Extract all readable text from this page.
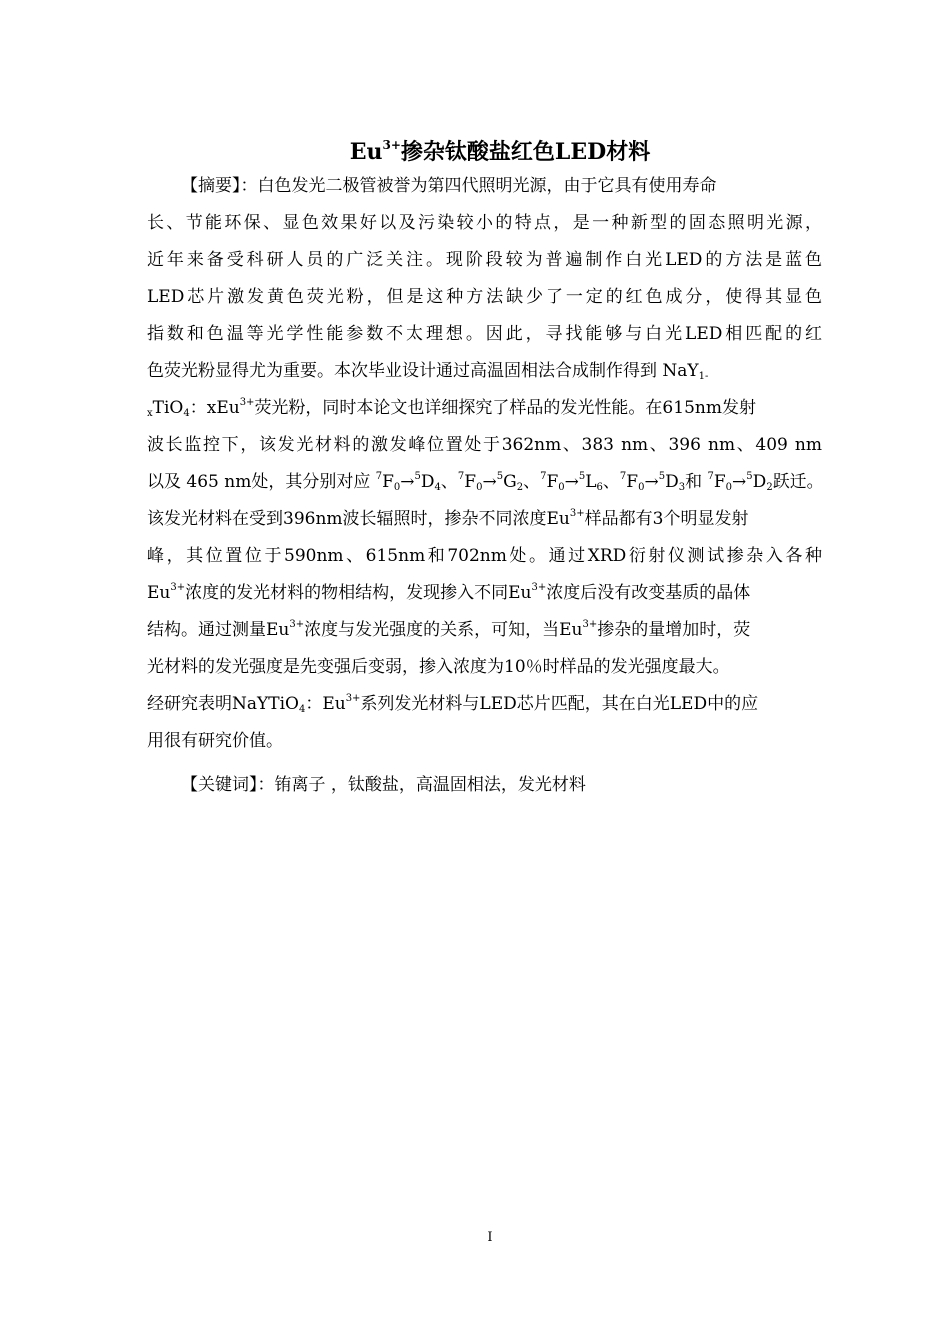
$Eu^{3+}$掺杂钛酸盐红色LED材料
【摘要】：白色发光二极管被誉为第四代照明光源，由于它具有使用寿命
长、节能环保、显色效果好以及污染较小的特点，是一种新型的固态照明光源，
近年来备受科研人员的广泛关注。现阶段较为普遍制作白光LED的方法是蓝色
LED芯片激发黄色荧光粉，但是这种方法缺少了一定的红色成分，使得其显色
指数和色温等光学性能参数不太理想。因此，寻找能够与白光LED相匹配的红
色荧光粉显得尤为重要。本次毕业设计通过高温固相法合成制作得到 NaY$_{1-}$
$_x$TiO$_4$：xEu$^{3+}$荧光粉，同时本论文也详细探究了样品的发光性能。在615nm发射
波长监控下，该发光材料的激发峰位置处于362nm、383 nm、396 nm、409 nm
以及 465 nm处，其分别对应 $^7F_0\to^5D_4$、$^7F_0\to^5G_2$、$^7F_0\to^5L_6$、$^7F_0\to^5D_3$和 $^7F_0\to^5D_2$跃迁。
该发光材料在受到396nm波长辐照时，掺杂不同浓度$Eu^{3+}$样品都有3个明显发射
峰，其位置位于590nm、615nm和702nm处。通过XRD衍射仪测试掺杂入各种
$Eu^{3+}$浓度的发光材料的物相结构，发现掺入不同$Eu^{3+}$浓度后没有改变基质的晶体
结构。通过测量$Eu^{3+}$浓度与发光强度的关系，可知，当$Eu^{3+}$掺杂的量增加时，荧
光材料的发光强度是先变强后变弱，掺入浓度为10％时样品的发光强度最大。
经研究表明NaYTiO$_4$：$Eu^{3+}$系列发光材料与LED芯片匹配，其在白光LED中的应
用很有研究价值。
【关键词】：铕离子 ，钛酸盐，高温固相法，发光材料
I
